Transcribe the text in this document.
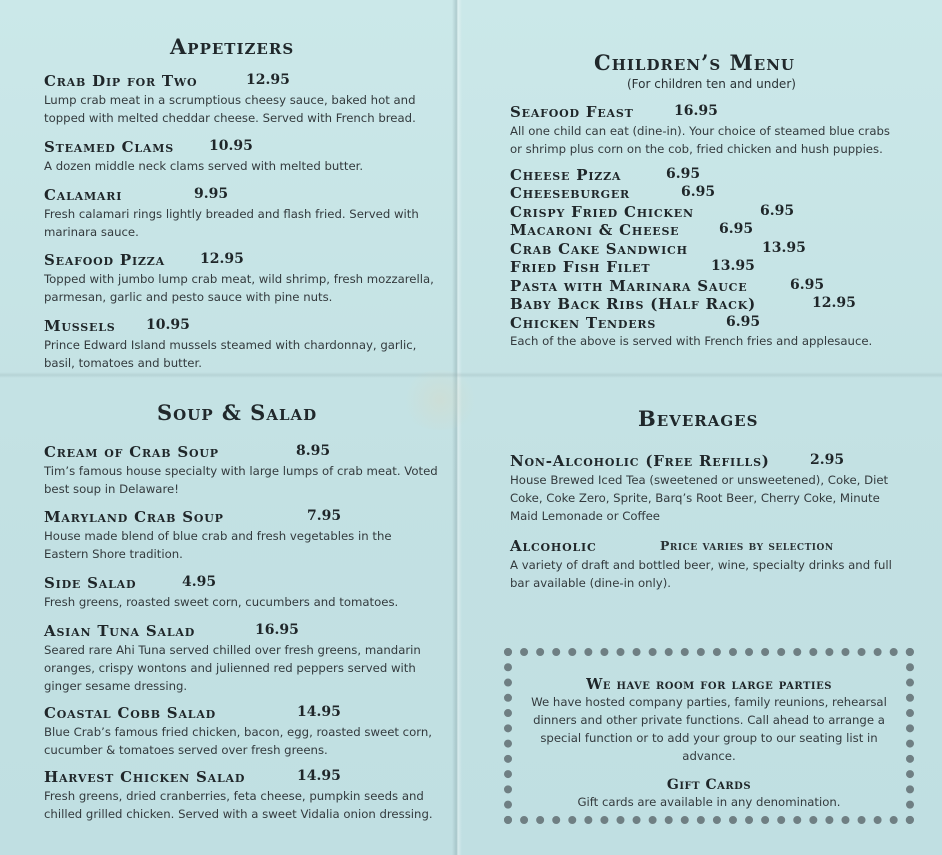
Appetizers
Crab Dip for Two	12.95
Lump crab meat in a scrumptious cheesy sauce, baked hot and topped with melted cheddar cheese. Served with French bread.
Steamed Clams	10.95
A dozen middle neck clams served with melted butter.
Calamari	9.95
Fresh calamari rings lightly breaded and flash fried. Served with marinara sauce.
Seafood Pizza	12.95
Topped with jumbo lump crab meat, wild shrimp, fresh mozzarella, parmesan, garlic and pesto sauce with pine nuts.
Mussels	10.95
Prince Edward Island mussels steamed with chardonnay, garlic, basil, tomatoes and butter.
Soup & Salad
Cream of Crab Soup	8.95
Tim’s famous house specialty with large lumps of crab meat. Voted best soup in Delaware!
Maryland Crab Soup	7.95
House made blend of blue crab and fresh vegetables in the Eastern Shore tradition.
Side Salad	4.95
Fresh greens, roasted sweet corn, cucumbers and tomatoes.
Asian Tuna Salad	16.95
Seared rare Ahi Tuna served chilled over fresh greens, mandarin oranges, crispy wontons and julienned red peppers served with ginger sesame dressing.
Coastal Cobb Salad	14.95
Blue Crab’s famous fried chicken, bacon, egg, roasted sweet corn, cucumber & tomatoes served over fresh greens.
Harvest Chicken Salad	14.95
Fresh greens, dried cranberries, feta cheese, pumpkin seeds and chilled grilled chicken. Served with a sweet Vidalia onion dressing.
Children’s Menu
(For children ten and under)
Seafood Feast	16.95
All one child can eat (dine-in). Your choice of steamed blue crabs or shrimp plus corn on the cob, fried chicken and hush puppies.
Cheese Pizza	6.95
Cheeseburger	6.95
Crispy Fried Chicken	6.95
Macaroni & Cheese	6.95
Crab Cake Sandwich	13.95
Fried Fish Filet	13.95
Pasta with Marinara Sauce	6.95
Baby Back Ribs (Half Rack)	12.95
Chicken Tenders	6.95
Each of the above is served with French fries and applesauce.
Beverages
Non-Alcoholic (Free Refills)	2.95
House Brewed Iced Tea (sweetened or unsweetened), Coke, Diet Coke, Coke Zero, Sprite, Barq’s Root Beer, Cherry Coke, Minute Maid Lemonade or Coffee
Alcoholic	Price varies by selection
A variety of draft and bottled beer, wine, specialty drinks and full bar available (dine-in only).
We have room for large parties
We have hosted company parties, family reunions, rehearsal dinners and other private functions. Call ahead to arrange a special function or to add your group to our seating list in advance.
Gift Cards
Gift cards are available in any denomination.
